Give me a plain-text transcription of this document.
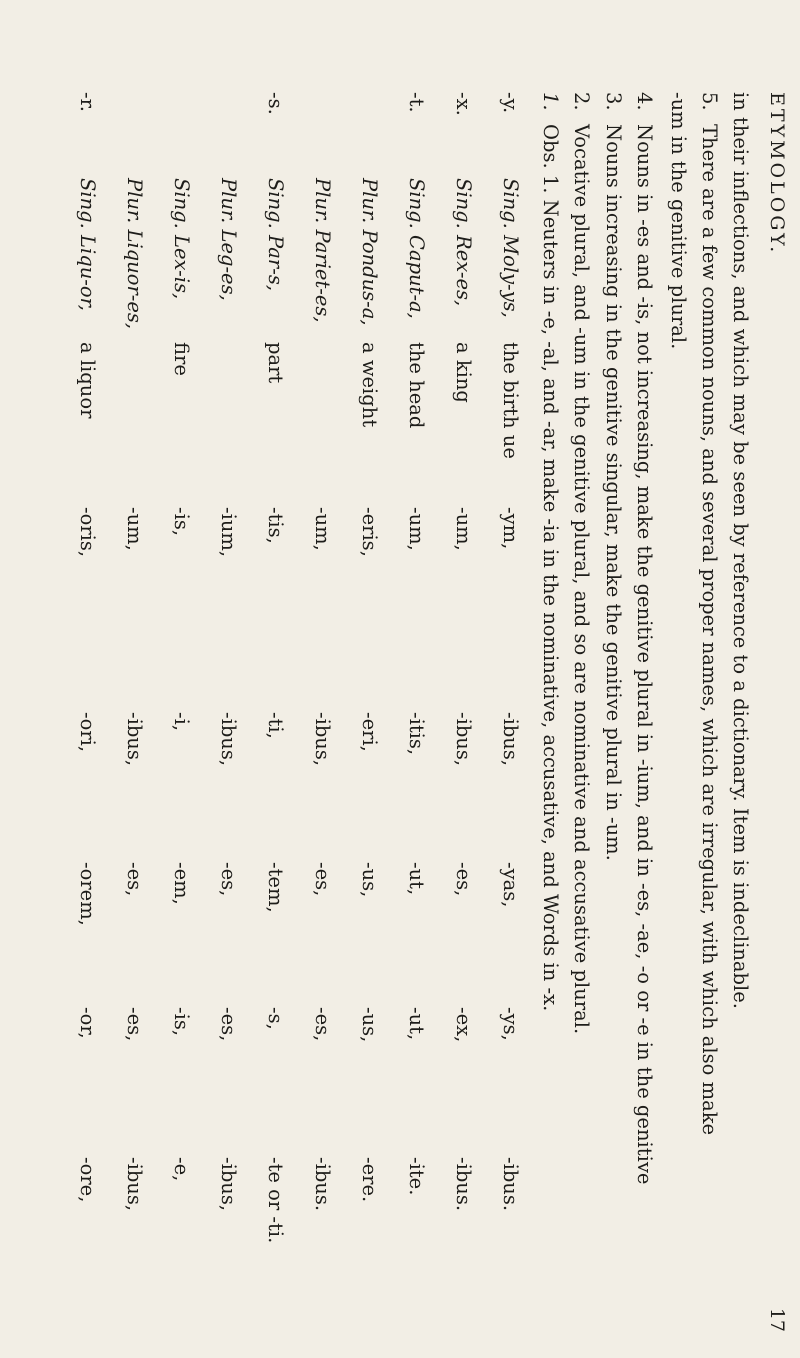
ETYMOLOGY.
17
in their inflections, and which may be seen by reference to a dictionary. Item is indeclinable.
5.There are a few common nouns, and several proper names, which are irregular, with which also make
-um in the genitive plural.
4.Nouns in -es and -is, not increasing, make the genitive plural in -ium, and in -es, -ae, -o or -e in the genitive
3.Nouns increasing in the genitive singular, make the genitive plural in -um.
2.Vocative plural, and -um in the genitive plural, and so are nominative and accusative plural.
1.Obs. 1. Neuters in -e, -al, and -ar, make -ia in the nominative, accusative, and Words in -x.
-y.
Sing. Moly-ys,
the birth ue
-ym,
-ibus,
-yas,
-ys,
-ibus.
-x.
Sing. Rex-es,
a king
-um,
-ibus,
-es,
-ex,
-ibus.
-t.
Sing. Caput-a,
the head
-um,
-itis,
-ut,
-ut,
-ite.
Plur. Pondus-a,
a weight
-eris,
-eri,
-us,
-us,
-ere.
Plur. Pariet-es,
-um,
-ibus,
-es,
-es,
-ibus.
-s.
Sing. Par-s,
part
-tis,
-ti,
-tem,
-s,
-te or -ti.
Plur. Leg-es,
-ium,
-ibus,
-es,
-es,
-ibus,
Sing. Lex-is,
fire
-is,
-i,
-em,
-is,
-e,
Plur. Liquor-es,
-um,
-ibus,
-es,
-es,
-ibus,
-r.
Sing. Liqu-or,
a liquor
-oris,
-ori,
-orem,
-or,
-ore,
